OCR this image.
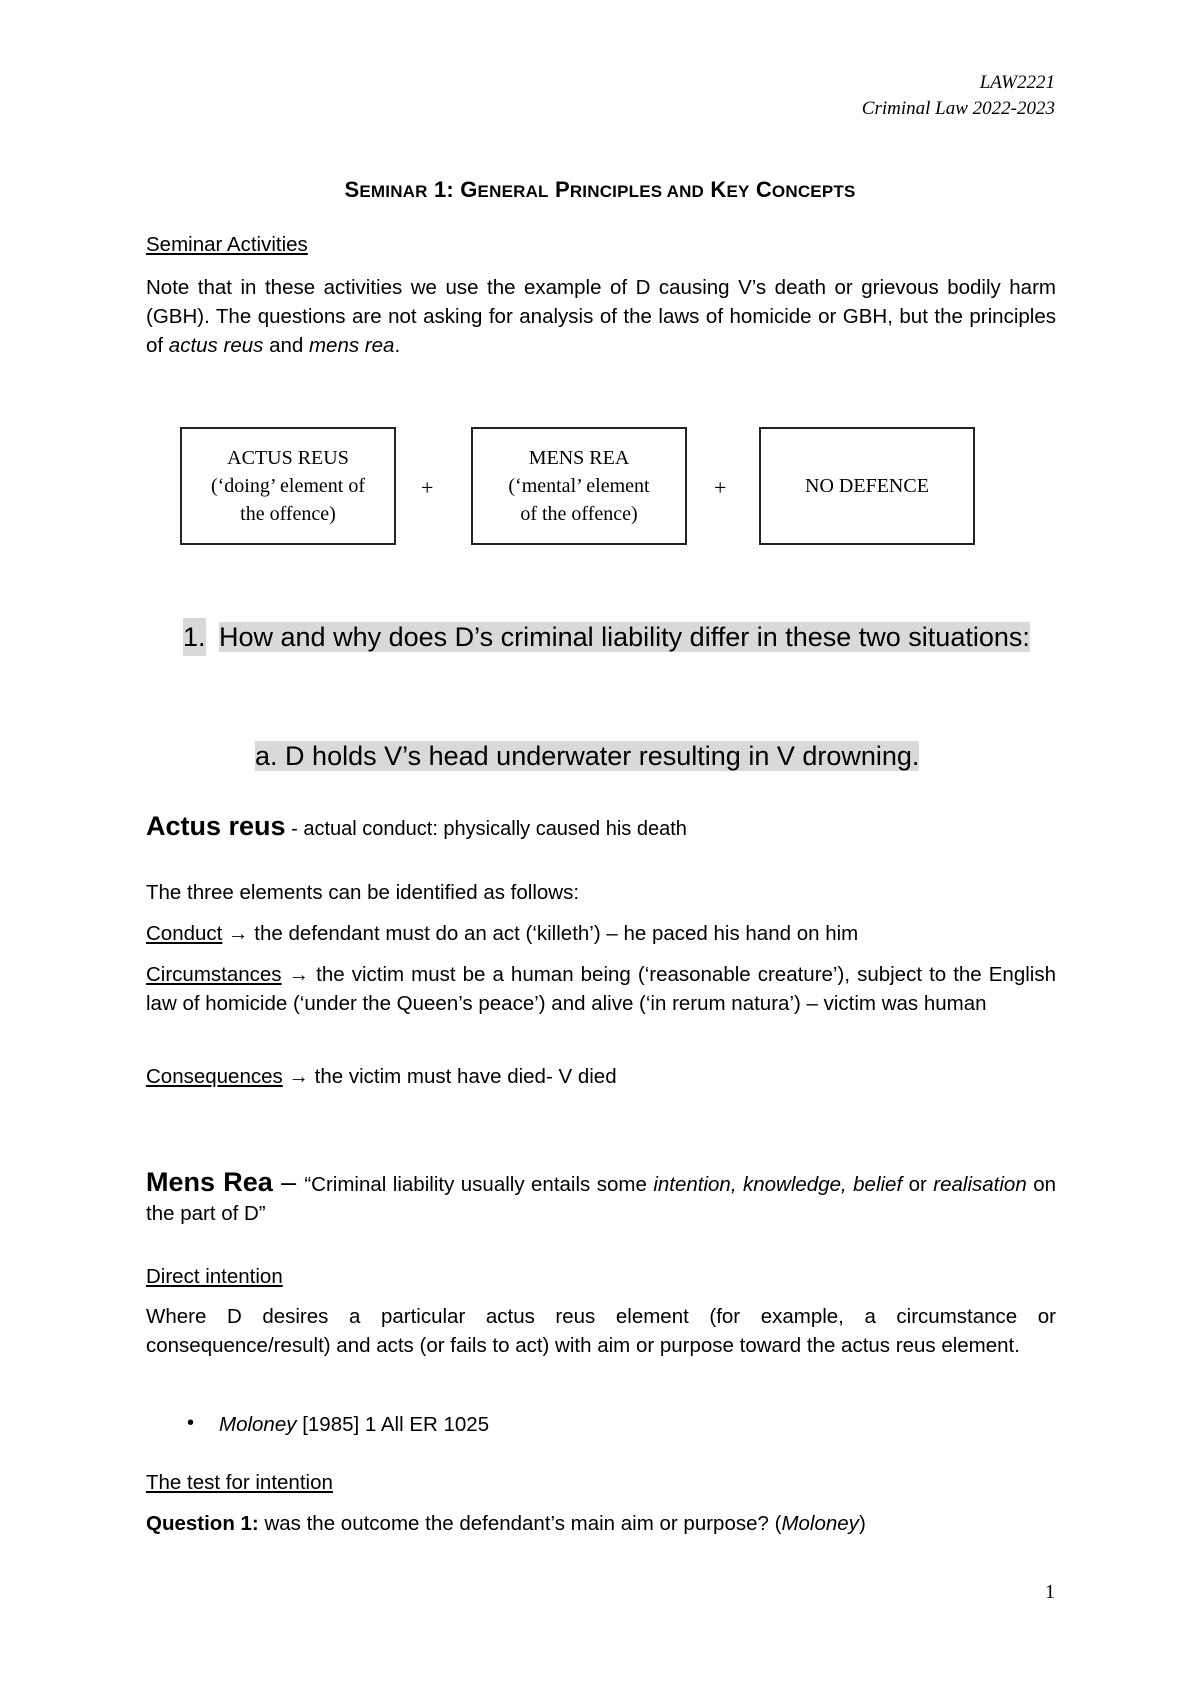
LAW2221
Criminal Law 2022-2023
SEMINAR 1: GENERAL PRINCIPLES AND KEY CONCEPTS
Seminar Activities
Note that in these activities we use the example of D causing V’s death or grievous bodily harm (GBH). The questions are not asking for analysis of the laws of homicide or GBH, but the principles of actus reus and mens rea.
ACTUS REUS
(‘doing’ element of
the offence)
+
MENS REA
(‘mental’ element
of the offence)
+	NO DEFENCE
1. How and why does D’s criminal liability differ in these two situations:
a. D holds V’s head underwater resulting in V drowning.
Actus reus - actual conduct: physically caused his death
The three elements can be identified as follows:
Conduct → the defendant must do an act (‘killeth’) – he paced his hand on him
Circumstances → the victim must be a human being (‘reasonable creature’), subject to the English law of homicide (‘under the Queen’s peace’) and alive (‘in rerum natura’) – victim was human
Consequences → the victim must have died- V died
Mens Rea – “Criminal liability usually entails some intention, knowledge, belief or realisation on the part of D”
Direct intention
Where D desires a particular actus reus element (for example, a circumstance or consequence/result) and acts (or fails to act) with aim or purpose toward the actus reus element.
• Moloney [1985] 1 All ER 1025
The test for intention
Question 1: was the outcome the defendant’s main aim or purpose? (Moloney)
1
